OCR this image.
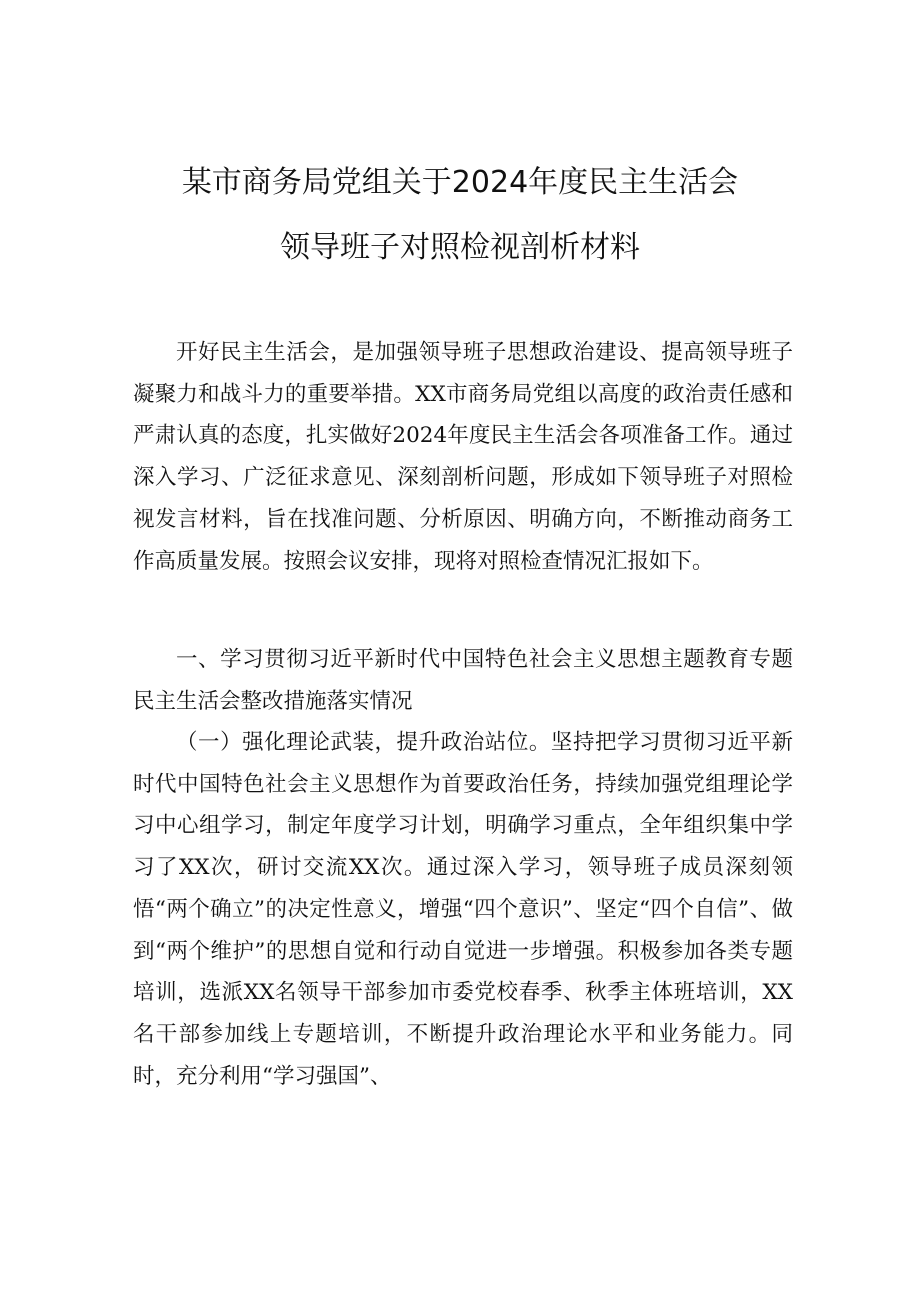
某市商务局党组关于2024年度民主生活会
领导班子对照检视剖析材料

开好民主生活会，是加强领导班子思想政治建设、提高领导班子凝聚力和战斗力的重要举措。XX市商务局党组以高度的政治责任感和严肃认真的态度，扎实做好2024年度民主生活会各项准备工作。通过深入学习、广泛征求意见、深刻剖析问题，形成如下领导班子对照检视发言材料，旨在找准问题、分析原因、明确方向，不断推动商务工作高质量发展。按照会议安排，现将对照检查情况汇报如下。

一、学习贯彻习近平新时代中国特色社会主义思想主题教育专题民主生活会整改措施落实情况

（一）强化理论武装，提升政治站位。坚持把学习贯彻习近平新时代中国特色社会主义思想作为首要政治任务，持续加强党组理论学习中心组学习，制定年度学习计划，明确学习重点，全年组织集中学习了XX次，研讨交流XX次。通过深入学习，领导班子成员深刻领悟“两个确立”的决定性意义，增强“四个意识”、坚定“四个自信”、做到“两个维护”的思想自觉和行动自觉进一步增强。积极参加各类专题培训，选派XX名领导干部参加市委党校春季、秋季主体班培训，XX名干部参加线上专题培训，不断提升政治理论水平和业务能力。同时，充分利用“学习强国”、
